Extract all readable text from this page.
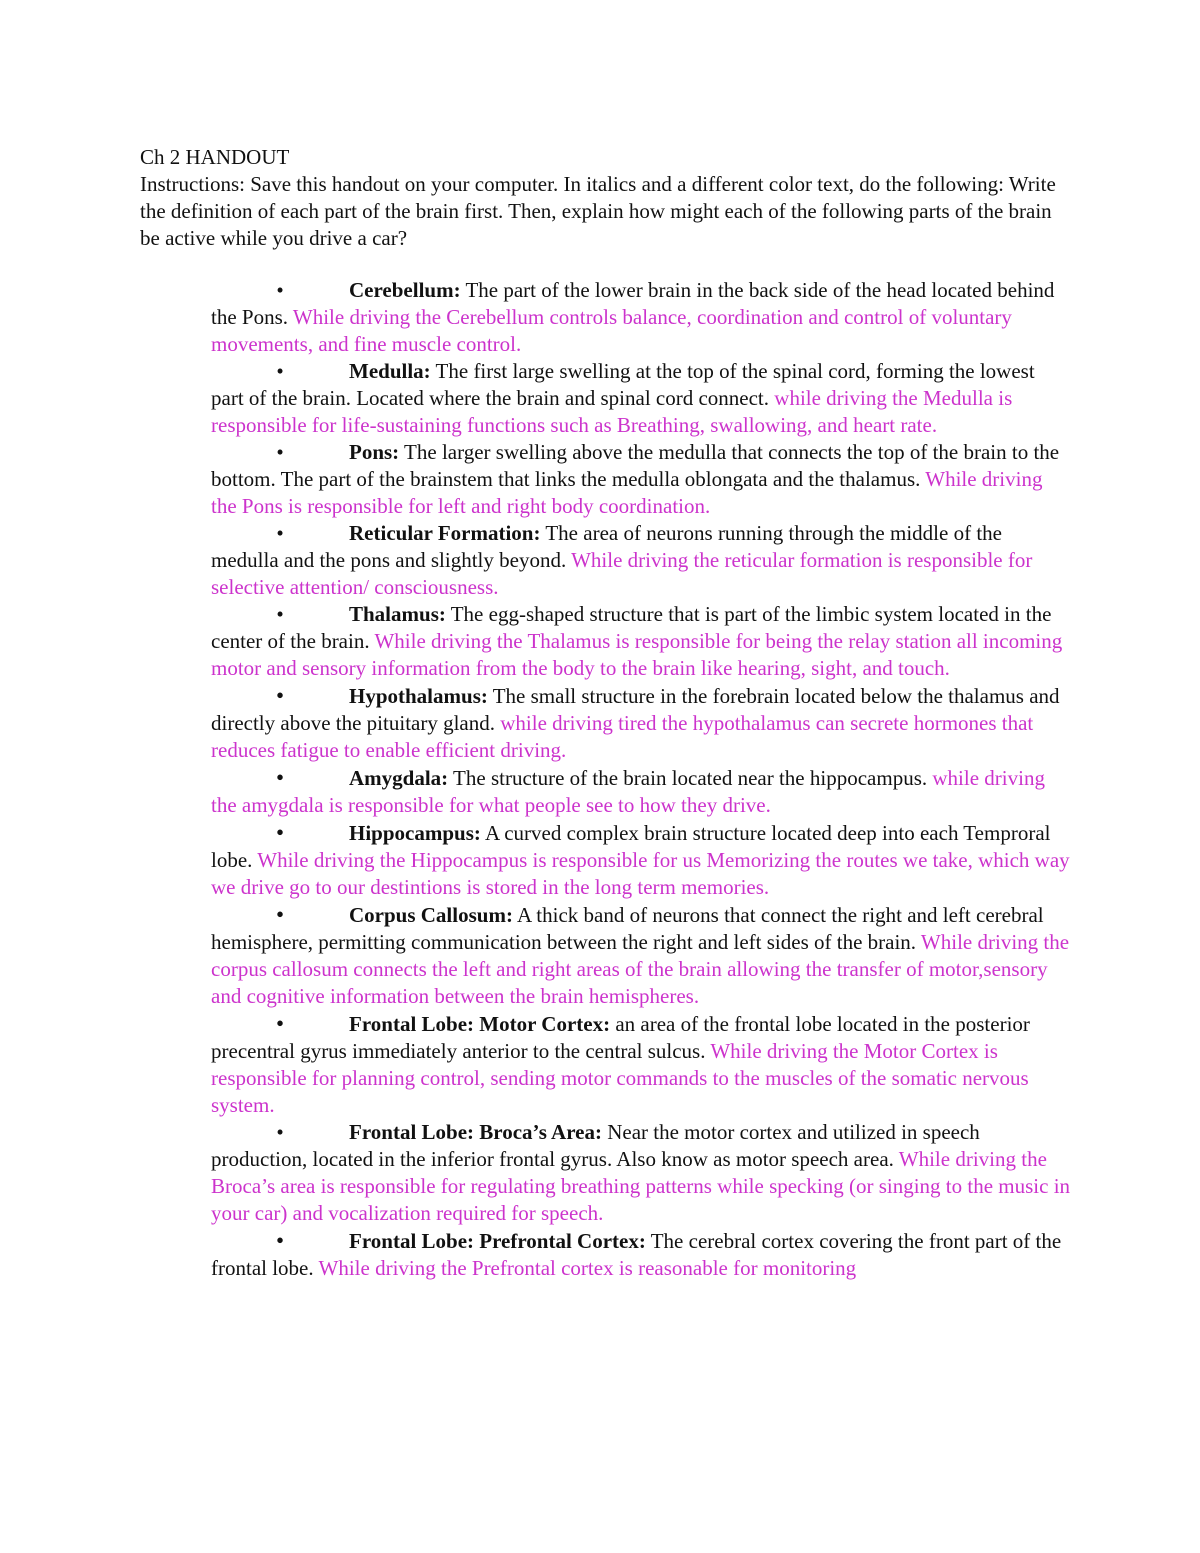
Ch 2 HANDOUT

Instructions: Save this handout on your computer. In italics and a different color text, do the following: Write the definition of each part of the brain first. Then, explain how might each of the following parts of the brain be active while you drive a car?

•	Cerebellum: The part of the lower brain in the back side of the head located behind the Pons. While driving the Cerebellum controls balance, coordination and control of voluntary movements, and fine muscle control.

•	Medulla: The first large swelling at the top of the spinal cord, forming the lowest part of the brain. Located where the brain and spinal cord connect. while driving the Medulla is responsible for life-sustaining functions such as Breathing, swallowing, and heart rate.

•	Pons: The larger swelling above the medulla that connects the top of the brain to the bottom. The part of the brainstem that links the medulla oblongata and the thalamus. While driving the Pons is responsible for left and right body coordination.

•	Reticular Formation: The area of neurons running through the middle of the medulla and the pons and slightly beyond. While driving the reticular formation is responsible for selective attention/ consciousness.

•	Thalamus: The egg-shaped structure that is part of the limbic system located in the center of the brain. While driving the Thalamus is responsible for being the relay station all incoming motor and sensory information from the body to the brain like hearing, sight, and touch.

•	Hypothalamus: The small structure in the forebrain located below the thalamus and directly above the pituitary gland. while driving tired the hypothalamus can secrete hormones that reduces fatigue to enable efficient driving.

•	Amygdala: The structure of the brain located near the hippocampus. while driving the amygdala is responsible for what people see to how they drive.

•	Hippocampus: A curved complex brain structure located deep into each Temproral lobe. While driving the Hippocampus is responsible for us Memorizing the routes we take, which way we drive go to our destintions is stored in the long term memories.

•	Corpus Callosum: A thick band of neurons that connect the right and left cerebral hemisphere, permitting communication between the right and left sides of the brain. While driving the corpus callosum connects the left and right areas of the brain allowing the transfer of motor,sensory and cognitive information between the brain hemispheres.

•	Frontal Lobe: Motor Cortex: an area of the frontal lobe located in the posterior precentral gyrus immediately anterior to the central sulcus. While driving the Motor Cortex is responsible for planning control, sending motor commands to the muscles of the somatic nervous system.

•	Frontal Lobe: Broca’s Area: Near the motor cortex and utilized in speech production, located in the inferior frontal gyrus. Also know as motor speech area. While driving the Broca’s area is responsible for regulating breathing patterns while specking (or singing to the music in your car) and vocalization required for speech.

•	Frontal Lobe: Prefrontal Cortex: The cerebral cortex covering the front part of the frontal lobe. While driving the Prefrontal cortex is reasonable for monitoring
